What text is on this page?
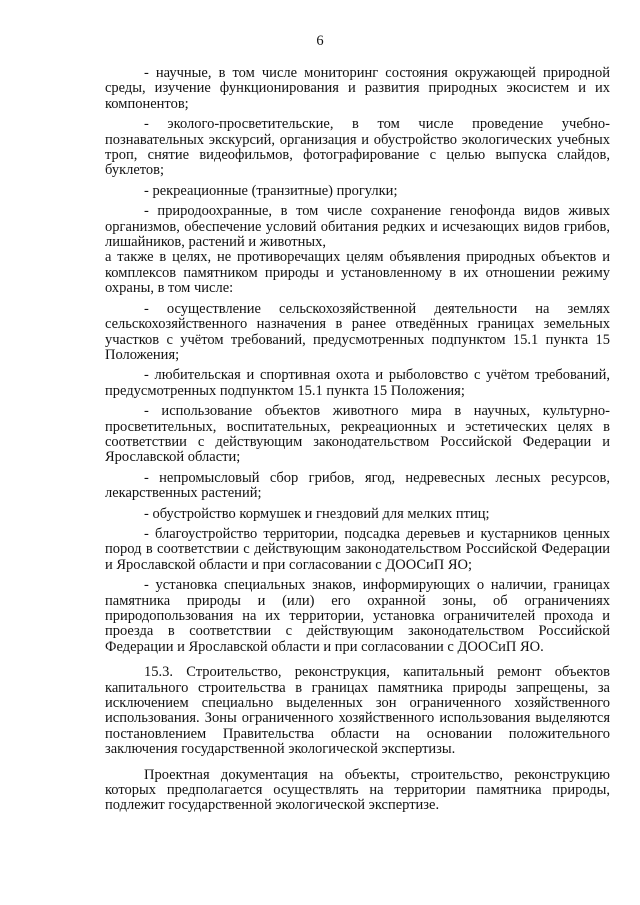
6

- научные, в том числе мониторинг состояния окружающей природной среды, изучение функционирования и развития природных экосистем и их компонентов;

- эколого-просветительские, в том числе проведение учебно-познавательных экскурсий, организация и обустройство экологических учебных троп, снятие видеофильмов, фотографирование с целью выпуска слайдов, буклетов;

- рекреационные (транзитные) прогулки;

- природоохранные, в том числе сохранение генофонда видов живых организмов, обеспечение условий обитания редких и исчезающих видов грибов, лишайников, растений и животных,

а также в целях, не противоречащих целям объявления природных объектов и комплексов памятником природы и установленному в их отношении режиму охраны, в том числе:

- осуществление сельскохозяйственной деятельности на землях сельскохозяйственного назначения в ранее отведённых границах земельных участков с учётом требований, предусмотренных подпунктом 15.1 пункта 15 Положения;

- любительская и спортивная охота и рыболовство с учётом требований, предусмотренных подпунктом 15.1 пункта 15 Положения;

- использование объектов животного мира в научных, культурно-просветительных, воспитательных, рекреационных и эстетических целях в соответствии с действующим законодательством Российской Федерации и Ярославской области;

- непромысловый сбор грибов, ягод, недревесных лесных ресурсов, лекарственных растений;

- обустройство кормушек и гнездовий для мелких птиц;

- благоустройство территории, подсадка деревьев и кустарников ценных пород в соответствии с действующим законодательством Российской Федерации и Ярославской области и при согласовании с ДООСиП ЯО;

- установка специальных знаков, информирующих о наличии, границах памятника природы и (или) его охранной зоны, об ограничениях природопользования на их территории, установка ограничителей прохода и проезда в соответствии с действующим законодательством Российской Федерации и Ярославской области и при согласовании с ДООСиП ЯО.

15.3. Строительство, реконструкция, капитальный ремонт объектов капитального строительства в границах памятника природы запрещены, за исключением специально выделенных зон ограниченного хозяйственного использования. Зоны ограниченного хозяйственного использования выделяются постановлением Правительства области на основании положительного заключения государственной экологической экспертизы.

Проектная документация на объекты, строительство, реконструкцию которых предполагается осуществлять на территории памятника природы, подлежит государственной экологической экспертизе.
